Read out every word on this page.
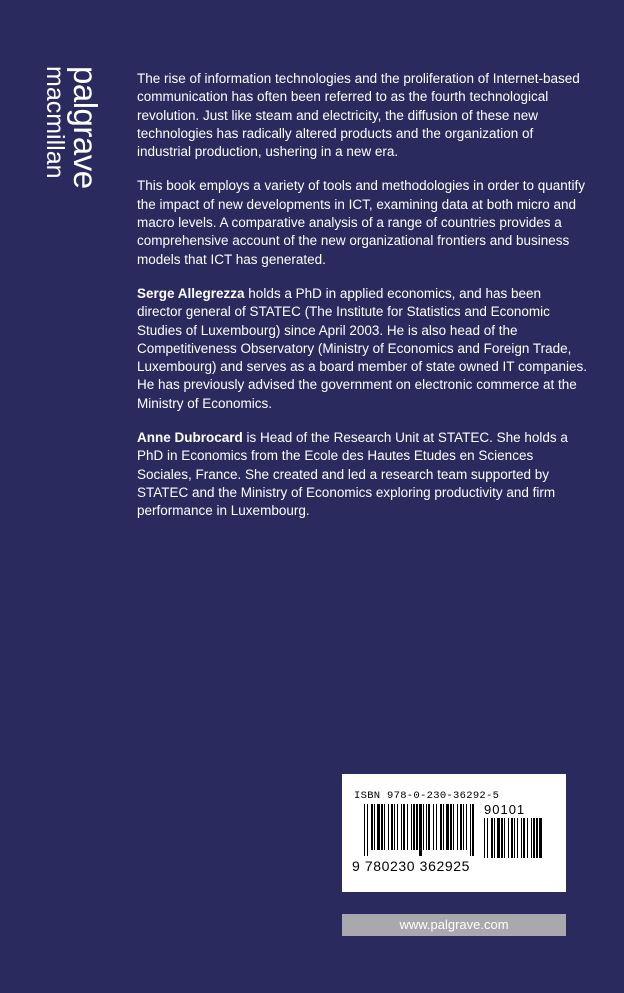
palgrave
macmillan	The rise of information technologies and the proliferation of Internet-based communication has often been referred to as the fourth technological revolution. Just like steam and electricity, the diffusion of these new technologies has radically altered products and the organization of industrial production, ushering in a new era.

This book employs a variety of tools and methodologies in order to quantify the impact of new developments in ICT, examining data at both micro and macro levels. A comparative analysis of a range of countries provides a comprehensive account of the new organizational frontiers and business models that ICT has generated.

Serge Allegrezza holds a PhD in applied economics, and has been director general of STATEC (The Institute for Statistics and Economic Studies of Luxembourg) since April 2003. He is also head of the Competitiveness Observatory (Ministry of Economics and Foreign Trade, Luxembourg) and serves as a board member of state owned IT companies. He has previously advised the government on electronic commerce at the Ministry of Economics.

Anne Dubrocard is Head of the Research Unit at STATEC. She holds a PhD in Economics from the Ecole des Hautes Etudes en Sciences Sociales, France. She created and led a research team supported by STATEC and the Ministry of Economics exploring productivity and firm performance in Luxembourg.

ISBN 978-0-230-36292-5
90101
9 780230 362925
www.palgrave.com
